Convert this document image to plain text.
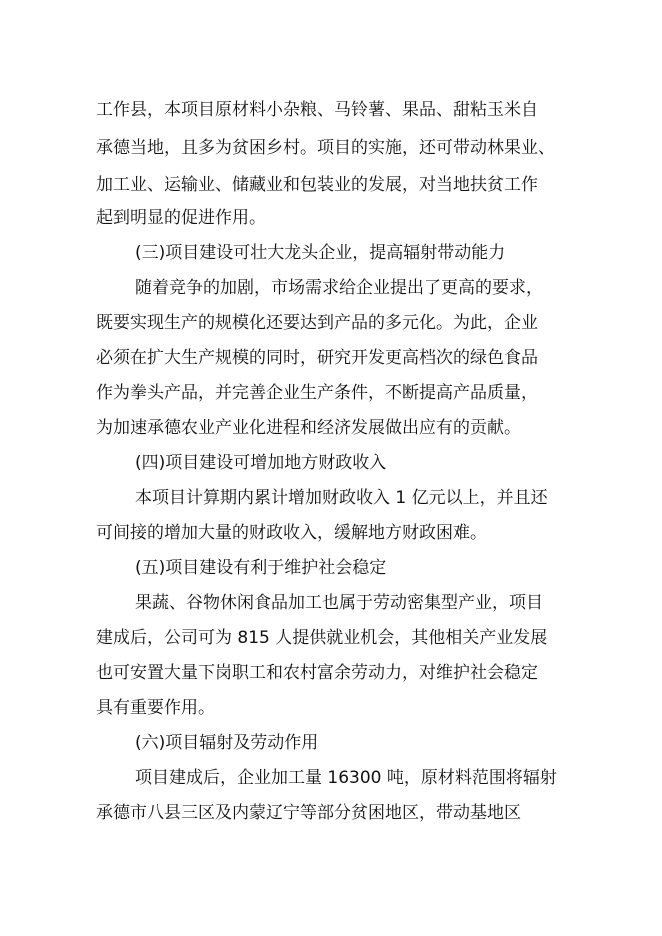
工作县，本项目原材料小杂粮、马铃薯、果品、甜粘玉米自
承德当地，且多为贫困乡村。项目的实施，还可带动林果业、
加工业、运输业、储藏业和包装业的发展，对当地扶贫工作
起到明显的促进作用。
(三)项目建设可壮大龙头企业，提高辐射带动能力
随着竞争的加剧，市场需求给企业提出了更高的要求，
既要实现生产的规模化还要达到产品的多元化。为此，企业
必须在扩大生产规模的同时，研究开发更高档次的绿色食品
作为拳头产品，并完善企业生产条件，不断提高产品质量，
为加速承德农业产业化进程和经济发展做出应有的贡献。
(四)项目建设可增加地方财政收入
本项目计算期内累计增加财政收入 1 亿元以上，并且还
可间接的增加大量的财政收入，缓解地方财政困难。
(五)项目建设有利于维护社会稳定
果蔬、谷物休闲食品加工也属于劳动密集型产业，项目
建成后，公司可为 815 人提供就业机会，其他相关产业发展
也可安置大量下岗职工和农村富余劳动力，对维护社会稳定
具有重要作用。
(六)项目辐射及劳动作用
项目建成后，企业加工量 16300 吨，原材料范围将辐射
承德市八县三区及内蒙辽宁等部分贫困地区，带动基地区
